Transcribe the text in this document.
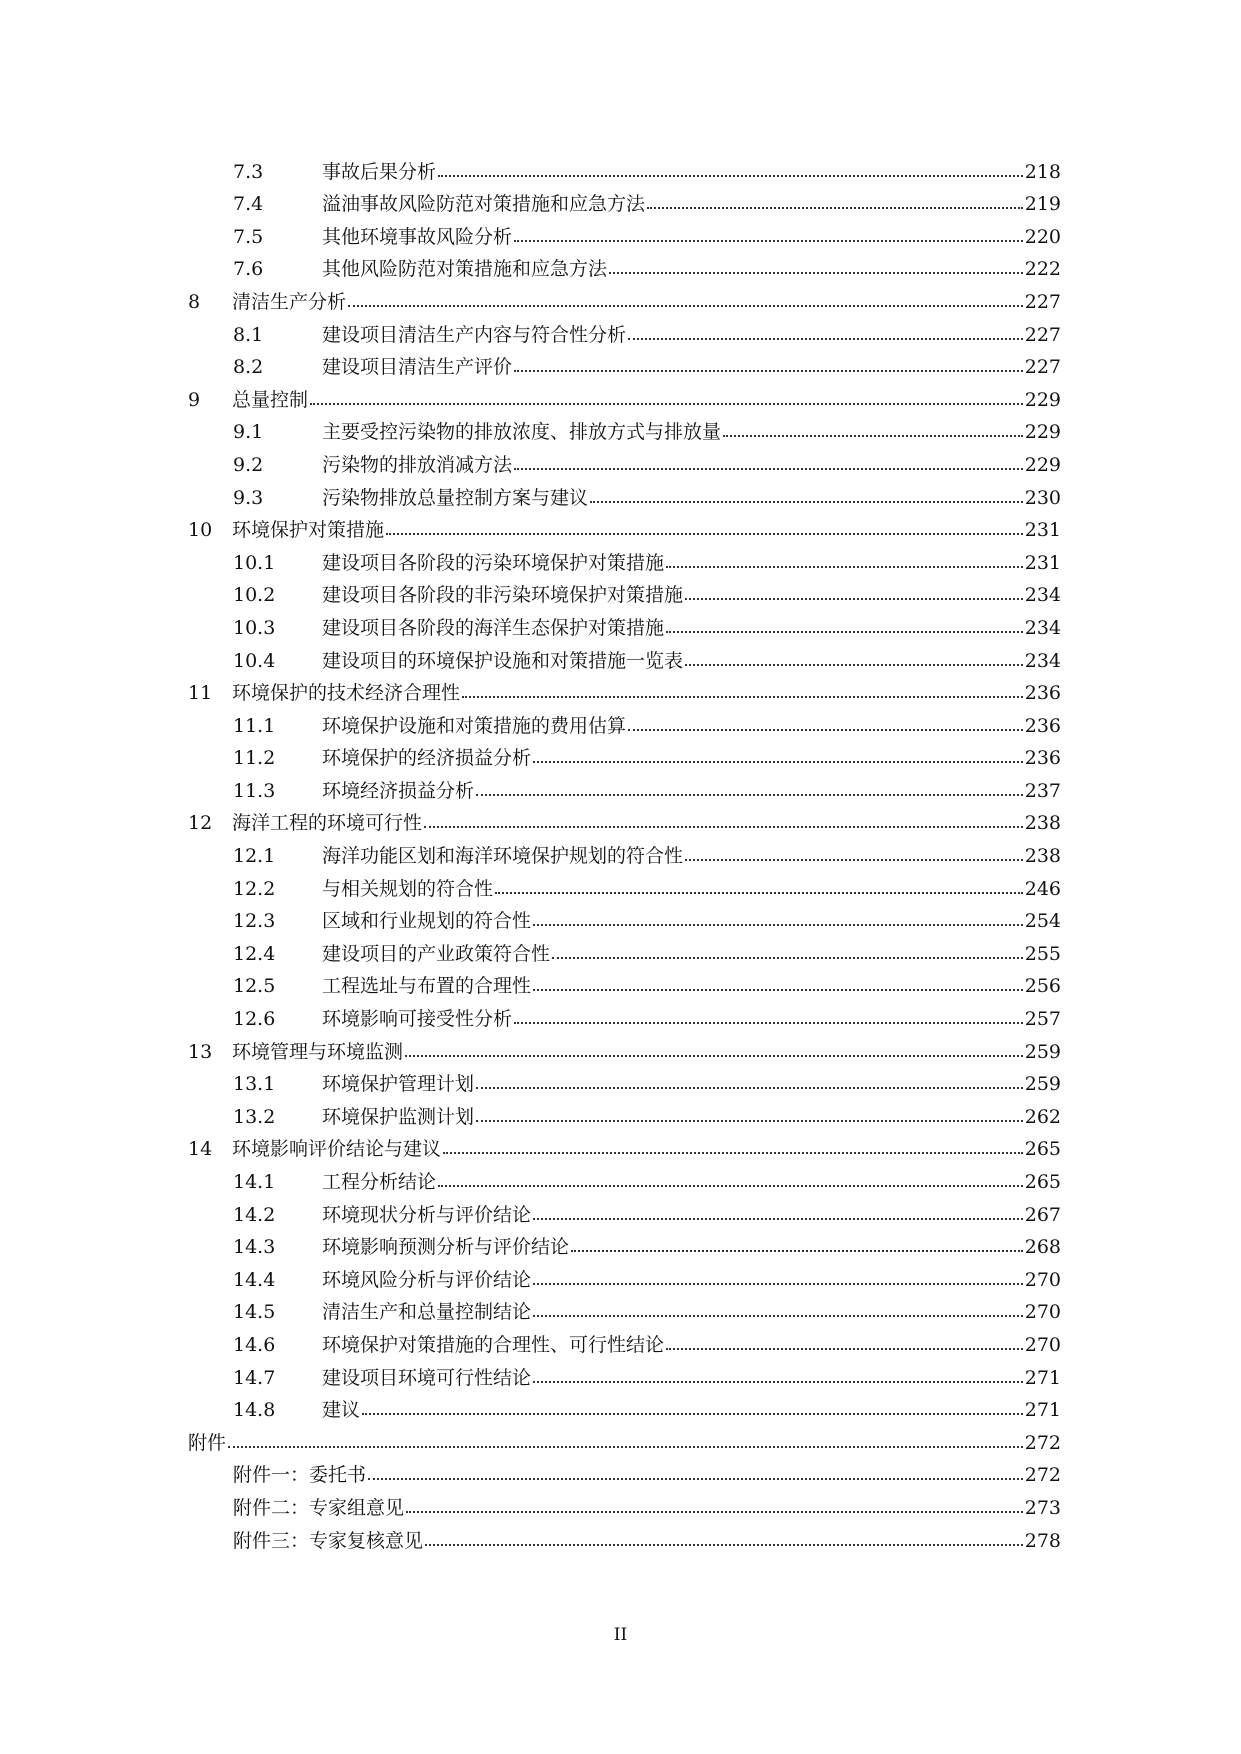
7.3	事故后果分析	218
7.4	溢油事故风险防范对策措施和应急方法	219
7.5	其他环境事故风险分析	220
7.6	其他风险防范对策措施和应急方法	222
8	清洁生产分析	227
8.1	建设项目清洁生产内容与符合性分析	227
8.2	建设项目清洁生产评价	227
9	总量控制	229
9.1	主要受控污染物的排放浓度、排放方式与排放量	229
9.2	污染物的排放消减方法	229
9.3	污染物排放总量控制方案与建议	230
10	环境保护对策措施	231
10.1	建设项目各阶段的污染环境保护对策措施	231
10.2	建设项目各阶段的非污染环境保护对策措施	234
10.3	建设项目各阶段的海洋生态保护对策措施	234
10.4	建设项目的环境保护设施和对策措施一览表	234
11	环境保护的技术经济合理性	236
11.1	环境保护设施和对策措施的费用估算	236
11.2	环境保护的经济损益分析	236
11.3	环境经济损益分析	237
12	海洋工程的环境可行性	238
12.1	海洋功能区划和海洋环境保护规划的符合性	238
12.2	与相关规划的符合性	246
12.3	区域和行业规划的符合性	254
12.4	建设项目的产业政策符合性	255
12.5	工程选址与布置的合理性	256
12.6	环境影响可接受性分析	257
13	环境管理与环境监测	259
13.1	环境保护管理计划	259
13.2	环境保护监测计划	262
14	环境影响评价结论与建议	265
14.1	工程分析结论	265
14.2	环境现状分析与评价结论	267
14.3	环境影响预测分析与评价结论	268
14.4	环境风险分析与评价结论	270
14.5	清洁生产和总量控制结论	270
14.6	环境保护对策措施的合理性、可行性结论	270
14.7	建设项目环境可行性结论	271
14.8	建议	271
附件	272
附件一：委托书	272
附件二：专家组意见	273
附件三：专家复核意见	278
II
